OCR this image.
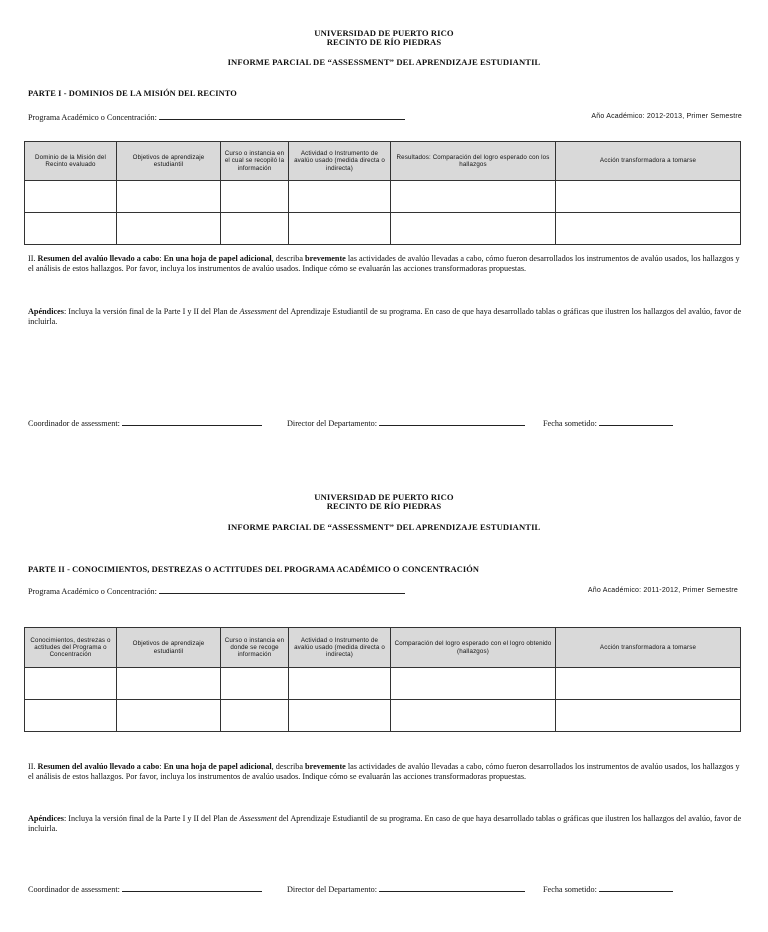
UNIVERSIDAD DE PUERTO RICO
RECINTO DE RÍO PIEDRAS
INFORME PARCIAL DE “ASSESSMENT” DEL APRENDIZAJE ESTUDIANTIL
PARTE I - DOMINIOS DE LA MISIÓN DEL RECINTO
Programa Académico o Concentración:	Año Académico: 2012-2013, Primer Semestre
Dominio de la Misión del Recinto evaluado	Objetivos de aprendizaje estudiantil	Curso o instancia en el cual se recopiló la información	Actividad o Instrumento de avalúo usado (medida directa o indirecta)	Resultados: Comparación del logro esperado con los hallazgos	Acción transformadora a tomarse

II. Resumen del avalúo llevado a cabo: En una hoja de papel adicional, describa brevemente las actividades de avalúo llevadas a cabo, cómo fueron desarrollados los instrumentos de avalúo usados, los hallazgos y el análisis de estos hallazgos. Por favor, incluya los instrumentos de avalúo usados. Indique cómo se evaluarán las acciones transformadoras propuestas.
Apéndices: Incluya la versión final de la Parte I y II del Plan de Assessment del Aprendizaje Estudiantil de su programa. En caso de que haya desarrollado tablas o gráficas que ilustren los hallazgos del avalúo, favor de incluirla.
Coordinador de assessment:	Director del Departamento:	Fecha sometido:
UNIVERSIDAD DE PUERTO RICO
RECINTO DE RÍO PIEDRAS
INFORME PARCIAL DE “ASSESSMENT” DEL APRENDIZAJE ESTUDIANTIL
PARTE II - CONOCIMIENTOS, DESTREZAS O ACTITUDES DEL PROGRAMA ACADÉMICO O CONCENTRACIÓN
Programa Académico o Concentración:	Año Académico: 2011-2012, Primer Semestre
Conocimientos, destrezas o actitudes del Programa o Concentración	Objetivos de aprendizaje estudiantil	Curso o instancia en donde se recoge información	Actividad o Instrumento de avalúo usado (medida directa o indirecta)	Comparación del logro esperado con el logro obtenido (hallazgos)	Acción transformadora a tomarse

II. Resumen del avalúo llevado a cabo: En una hoja de papel adicional, describa brevemente las actividades de avalúo llevadas a cabo, cómo fueron desarrollados los instrumentos de avalúo usados, los hallazgos y el análisis de estos hallazgos. Por favor, incluya los instrumentos de avalúo usados. Indique cómo se evaluarán las acciones transformadoras propuestas.
Apéndices: Incluya la versión final de la Parte I y II del Plan de Assessment del Aprendizaje Estudiantil de su programa. En caso de que haya desarrollado tablas o gráficas que ilustren los hallazgos del avalúo, favor de incluirla.
Coordinador de assessment:	Director del Departamento:	Fecha sometido:
